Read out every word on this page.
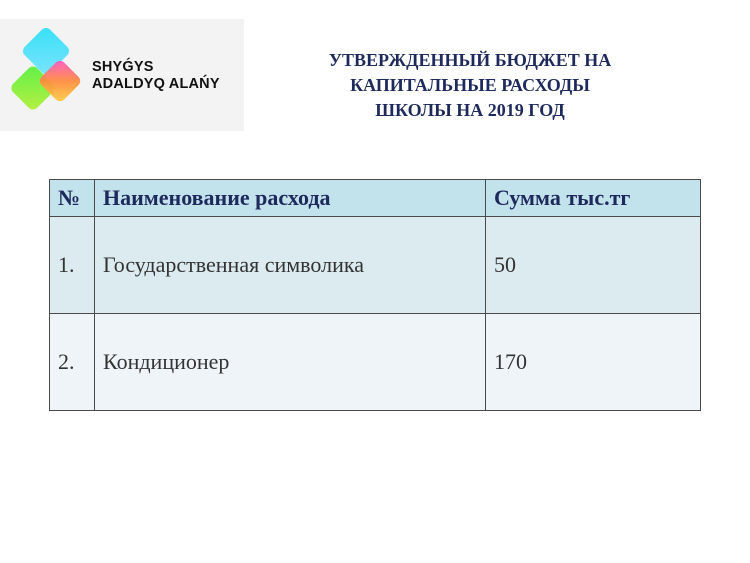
SHYǴYS
ADALDYQ ALAŃY
УТВЕРЖДЕННЫЙ БЮДЖЕТ НА
КАПИТАЛЬНЫЕ РАСХОДЫ
ШКОЛЫ НА 2019 ГОД
№	Наименование расхода	Сумма тыс.тг
1.	Государственная символика	50
2.	Кондиционер	170
